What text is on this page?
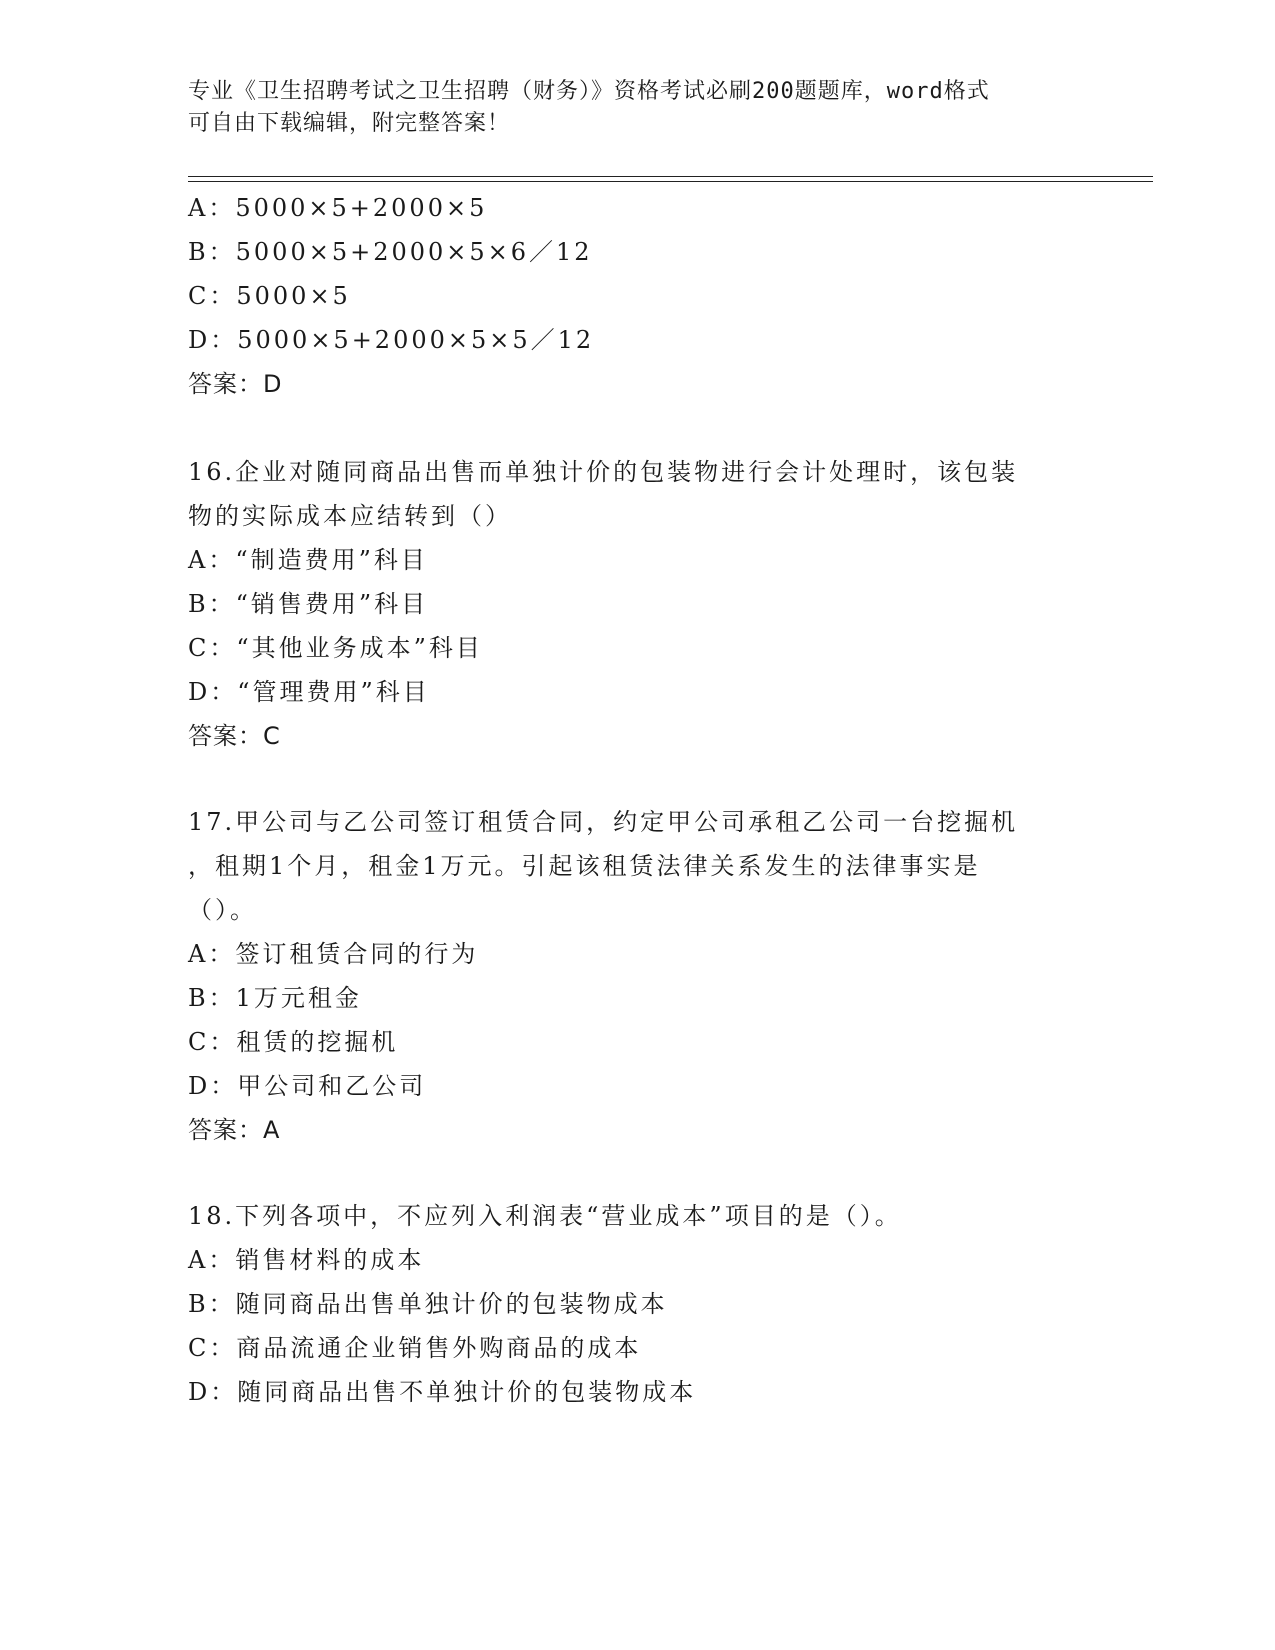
专业《卫生招聘考试之卫生招聘（财务）》资格考试必刷200题题库，word格式
可自由下载编辑，附完整答案！
A：5000×5+2000×5
B：5000×5+2000×5×6／12
C：5000×5
D：5000×5+2000×5×5／12
答案：D
16.企业对随同商品出售而单独计价的包装物进行会计处理时，该包装
物的实际成本应结转到（）
A：“制造费用”科目
B：“销售费用”科目
C：“其他业务成本”科目
D：“管理费用”科目
答案：C
17.甲公司与乙公司签订租赁合同，约定甲公司承租乙公司一台挖掘机
，租期1个月，租金1万元。引起该租赁法律关系发生的法律事实是
（）。
A：签订租赁合同的行为
B：1万元租金
C：租赁的挖掘机
D：甲公司和乙公司
答案：A
18.下列各项中，不应列入利润表“营业成本”项目的是（）。
A：销售材料的成本
B：随同商品出售单独计价的包装物成本
C：商品流通企业销售外购商品的成本
D：随同商品出售不单独计价的包装物成本
